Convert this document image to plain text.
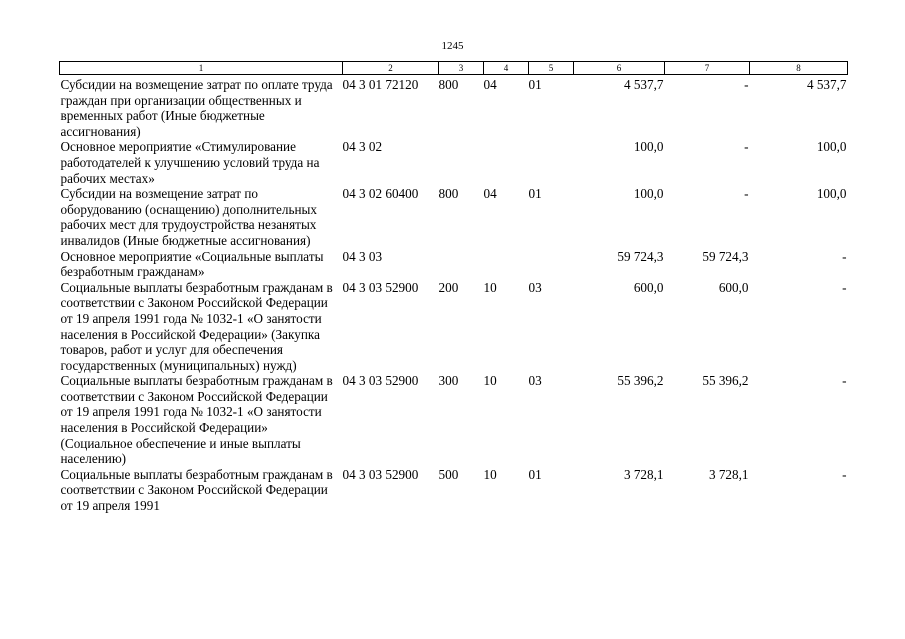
1245
1	2	3	4	5	6	7	8
Субсидии на возмещение затрат по оплате труда граждан при организации общественных и временных работ (Иные бюджетные ассигнования)	04 3 01 72120	800	04	01	4 537,7	-	4 537,7
Основное мероприятие «Стимулирование работодателей к улучшению условий труда на рабочих местах»	04 3 02				100,0	-	100,0
Субсидии на возмещение затрат по оборудованию (оснащению) дополнительных рабочих мест для трудоустройства незанятых инвалидов (Иные бюджетные ассигнования)	04 3 02 60400	800	04	01	100,0	-	100,0
Основное мероприятие «Социальные выплаты безработным гражданам»	04 3 03				59 724,3	59 724,3	-
Социальные выплаты безработным гражданам в соответствии с Законом Российской Федерации от 19 апреля 1991 года № 1032-1 «О занятости населения в Российской Федерации» (Закупка товаров, работ и услуг для обеспечения государственных (муниципальных) нужд)	04 3 03 52900	200	10	03	600,0	600,0	-
Социальные выплаты безработным гражданам в соответствии с Законом Российской Федерации от 19 апреля 1991 года № 1032-1 «О занятости населения в Российской Федерации» (Социальное обеспечение и иные выплаты населению)	04 3 03 52900	300	10	03	55 396,2	55 396,2	-
Социальные выплаты безработным гражданам в соответствии с Законом Российской Федерации от 19 апреля 1991	04 3 03 52900	500	10	01	3 728,1	3 728,1	-
